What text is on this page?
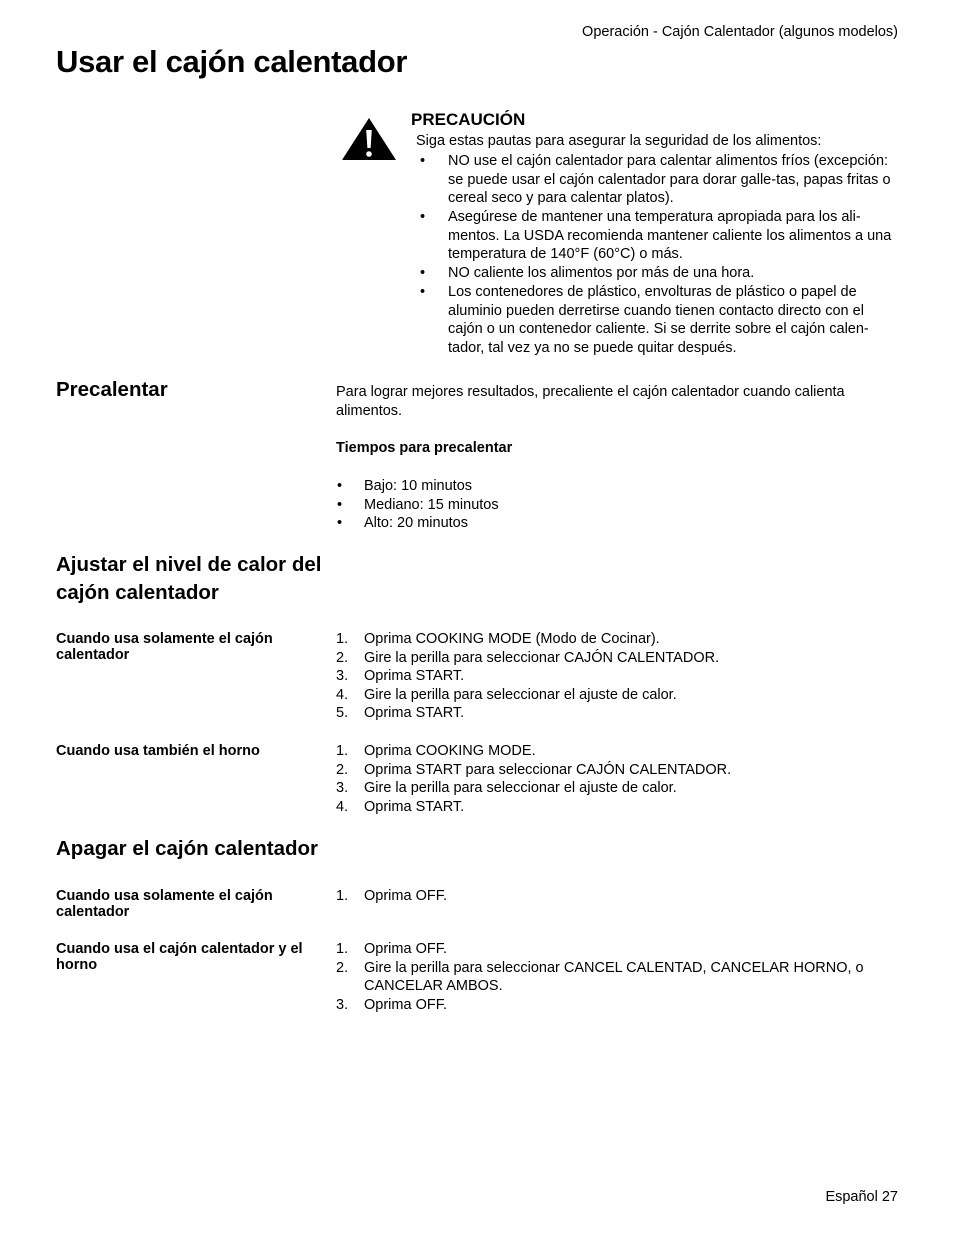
Operación - Cajón Calentador (algunos modelos)
Usar el cajón calentador
PRECAUCIÓN
Siga estas pautas para asegurar la seguridad de los alimentos:
• NO use el cajón calentador para calentar alimentos fríos (excepción: se puede usar el cajón calentador para dorar galle-tas, papas fritas o cereal seco y para calentar platos).
• Asegúrese de mantener una temperatura apropiada para los ali-mentos. La USDA recomienda mantener caliente los alimentos a una temperatura de 140°F (60°C) o más.
• NO caliente los alimentos por más de una hora.
• Los contenedores de plástico, envolturas de plástico o papel de aluminio pueden derretirse cuando tienen contacto directo con el cajón o un contenedor caliente. Si se derrite sobre el cajón calen-tador, tal vez ya no se puede quitar después.
Precalentar	Para lograr mejores resultados, precaliente el cajón calentador cuando calienta alimentos.
Tiempos para precalentar
• Bajo: 10 minutos
• Mediano: 15 minutos
• Alto: 20 minutos
Ajustar el nivel de calor del cajón calentador
Cuando usa solamente el cajón calentador
1. Oprima COOKING MODE (Modo de Cocinar).
2. Gire la perilla para seleccionar CAJÓN CALENTADOR.
3. Oprima START.
4. Gire la perilla para seleccionar el ajuste de calor.
5. Oprima START.
Cuando usa también el horno	1. Oprima COOKING MODE.
2. Oprima START para seleccionar CAJÓN CALENTADOR.
3. Gire la perilla para seleccionar el ajuste de calor.
4. Oprima START.
Apagar el cajón calentador
Cuando usa solamente el cajón calentador
1. Oprima OFF.
Cuando usa el cajón calentador y el horno
1. Oprima OFF.
2. Gire la perilla para seleccionar CANCEL CALENTAD, CANCELAR HORNO, o CANCELAR AMBOS.
3. Oprima OFF.
Español 27
